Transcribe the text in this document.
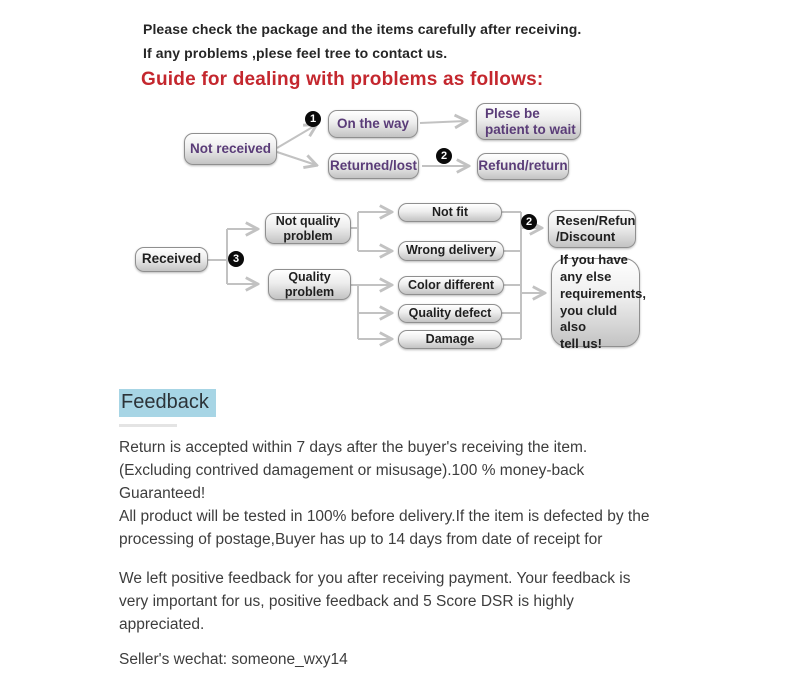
Please check the package and the items carefully after receiving.
If any problems ,plese feel tree to contact us.
Guide for dealing with problems as follows:
1
2
3
2
Not received
On the way
Plese be
patient to wait
Returned/lost	Refund/return
Received
Not quality
problem
Quality
problem
Not fit
Wrong delivery
Color different
Quality defect
Damage
Resen/Refun
/Discount
If you have
any else
requirements,
you cluld also
tell us!
Feedback
Return is accepted within 7 days after the buyer's receiving the item.
(Excluding contrived damagement or misusage).100 % money-back
Guaranteed!
All product will be tested in 100% before delivery.If the item is defected by the
processing of postage,Buyer has up to 14 days from date of receipt for
We left positive feedback for you after receiving payment. Your feedback is
very important for us, positive feedback and 5 Score DSR is highly
appreciated.
Seller's wechat: someone_wxy14
